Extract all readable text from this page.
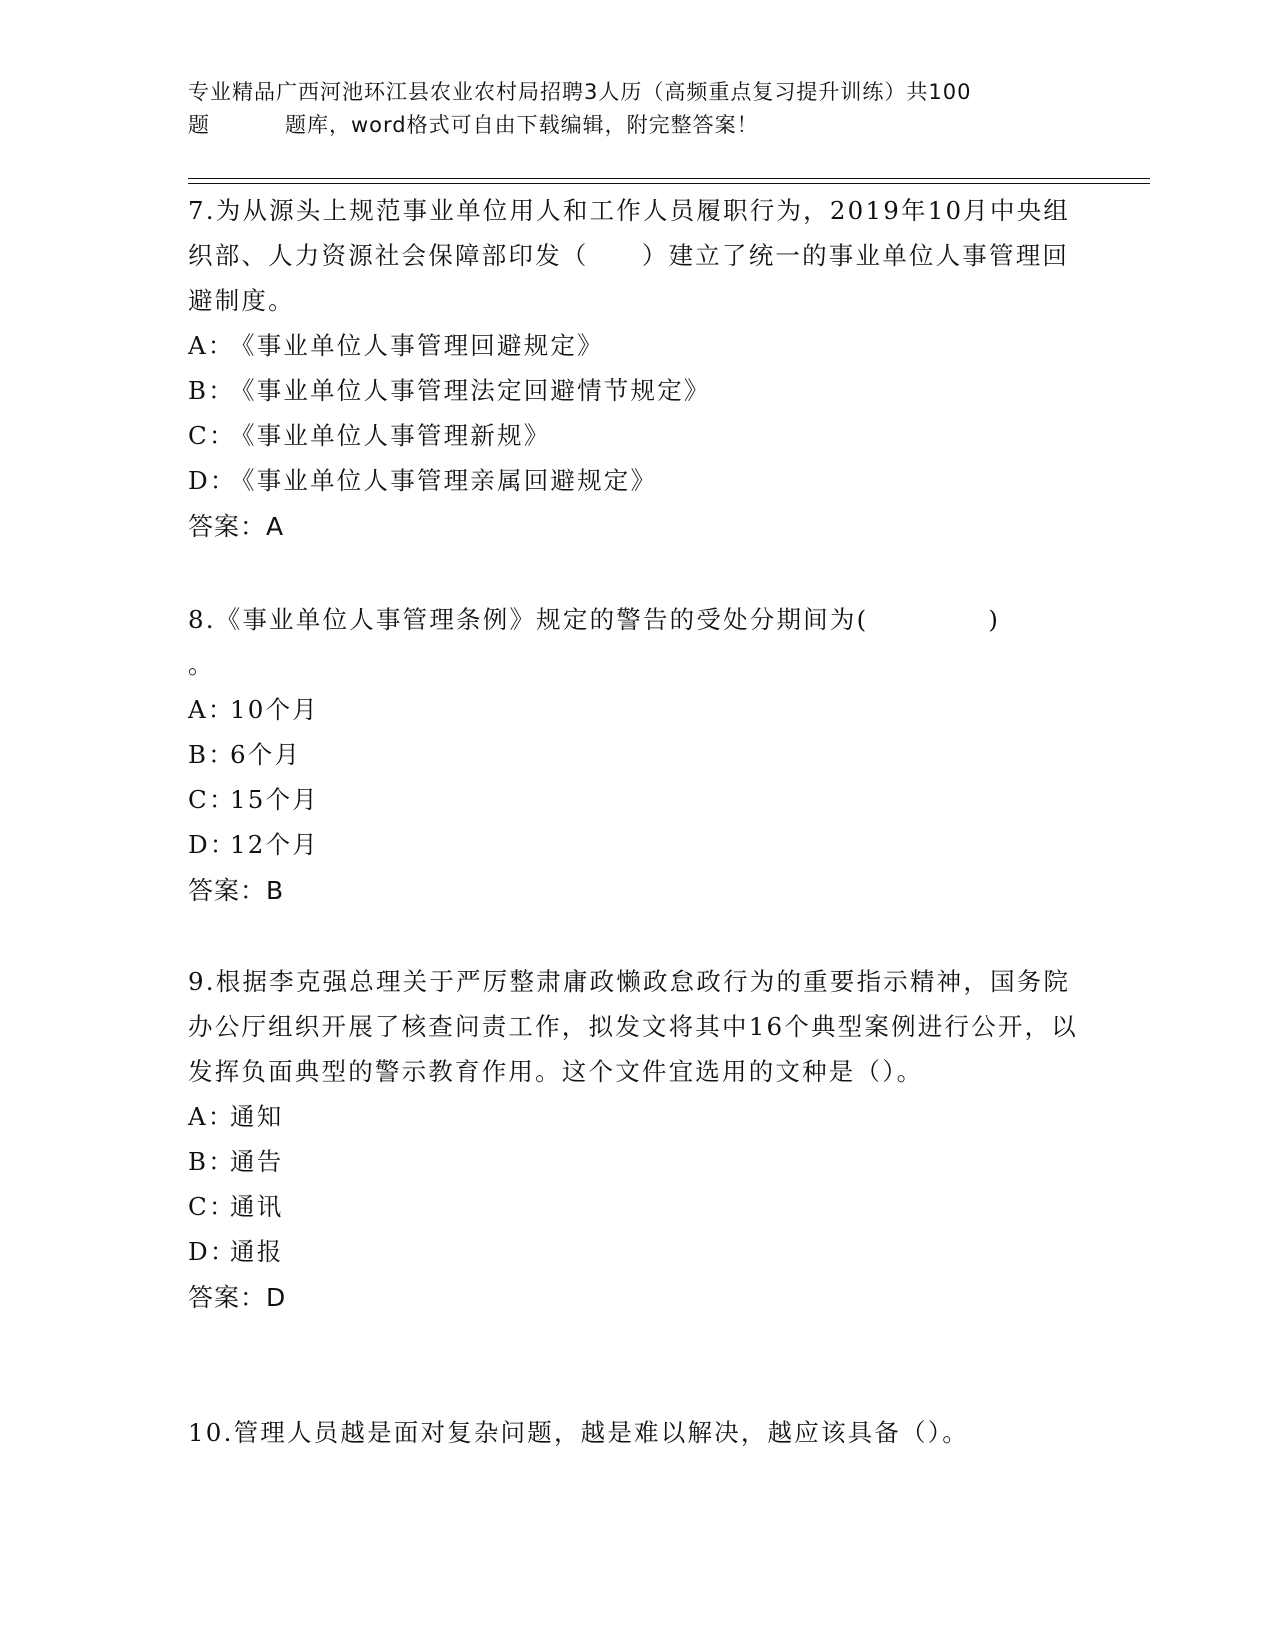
专业精品广西河池环江县农业农村局招聘3人历（高频重点复习提升训练）共100
题	题库，word格式可自由下载编辑，附完整答案！
7.为从源头上规范事业单位用人和工作人员履职行为，2019年10月中央组织部、人力资源社会保障部印发（　　）建立了统一的事业单位人事管理回避制度。
A：《事业单位人事管理回避规定》
B：《事业单位人事管理法定回避情节规定》
C：《事业单位人事管理新规》
D：《事业单位人事管理亲属回避规定》
答案：A
8.《事业单位人事管理条例》规定的警告的受处分期间为(	)
。
A：10个月
B：6个月
C：15个月
D：12个月
答案：B
9.根据李克强总理关于严厉整肃庸政懒政怠政行为的重要指示精神，国务院办公厅组织开展了核查问责工作，拟发文将其中16个典型案例进行公开，以发挥负面典型的警示教育作用。这个文件宜选用的文种是（）。
A：通知
B：通告
C：通讯
D：通报
答案：D
10.管理人员越是面对复杂问题，越是难以解决，越应该具备（）。
